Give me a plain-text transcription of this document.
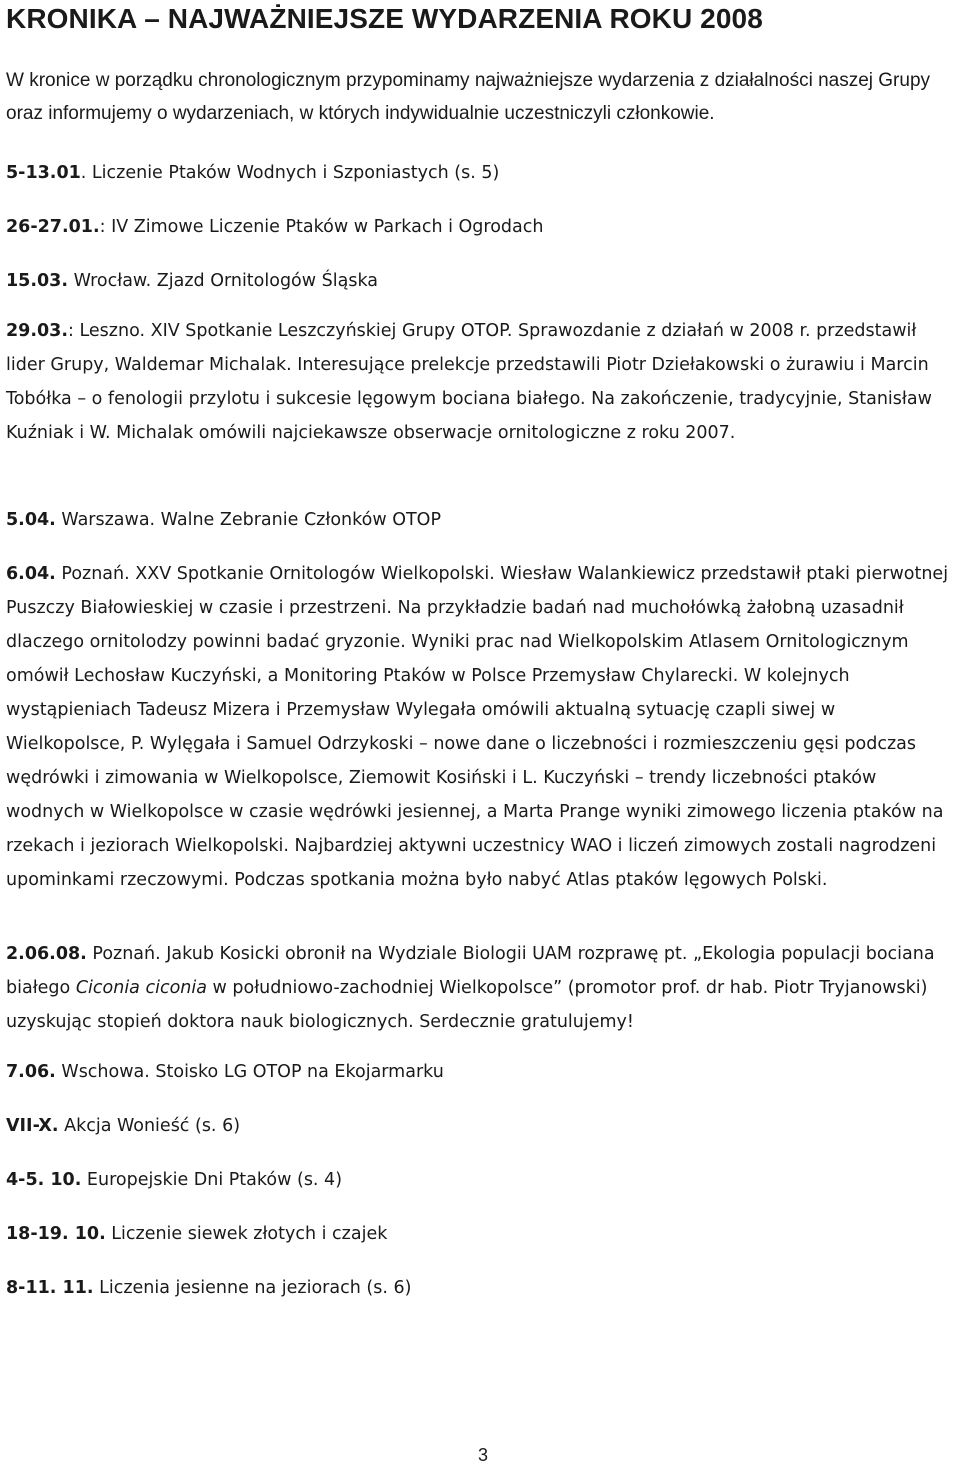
KRONIKA – NAJWAŻNIEJSZE WYDARZENIA ROKU 2008

W kronice w porządku chronologicznym przypominamy najważniejsze wydarzenia z działalności naszej Grupy oraz informujemy o wydarzeniach, w których indywidualnie uczestniczyli członkowie.

5-13.01. Liczenie Ptaków Wodnych i Szponiastych (s. 5)

26-27.01.: IV Zimowe Liczenie Ptaków w Parkach i Ogrodach

15.03. Wrocław. Zjazd Ornitologów Śląska

29.03.: Leszno. XIV Spotkanie Leszczyńskiej Grupy OTOP. Sprawozdanie z działań w 2008 r. przedstawił lider Grupy, Waldemar Michalak. Interesujące prelekcje przedstawili Piotr Dziełakowski o żurawiu i Marcin Tobółka – o fenologii przylotu i sukcesie lęgowym bociana białego. Na zakończenie, tradycyjnie, Stanisław Kuźniak i W. Michalak omówili najciekawsze obserwacje ornitologiczne z roku 2007.

5.04. Warszawa. Walne Zebranie Członków OTOP

6.04. Poznań. XXV Spotkanie Ornitologów Wielkopolski. Wiesław Walankiewicz przedstawił ptaki pierwotnej Puszczy Białowieskiej w czasie i przestrzeni. Na przykładzie badań nad muchołówką żałobną uzasadnił dlaczego ornitolodzy powinni badać gryzonie. Wyniki prac nad Wielkopolskim Atlasem Ornitologicznym omówił Lechosław Kuczyński, a Monitoring Ptaków w Polsce Przemysław Chylarecki. W kolejnych wystąpieniach Tadeusz Mizera i Przemysław Wylegała omówili aktualną sytuację czapli siwej w Wielkopolsce, P. Wylęgała i Samuel Odrzykoski – nowe dane o liczebności i rozmieszczeniu gęsi podczas wędrówki i zimowania w Wielkopolsce, Ziemowit Kosiński i L. Kuczyński – trendy liczebności ptaków wodnych w Wielkopolsce w czasie wędrówki jesiennej, a Marta Prange wyniki zimowego liczenia ptaków na rzekach i jeziorach Wielkopolski. Najbardziej aktywni uczestnicy WAO i liczeń zimowych zostali nagrodzeni upominkami rzeczowymi. Podczas spotkania można było nabyć Atlas ptaków lęgowych Polski.

2.06.08. Poznań. Jakub Kosicki obronił na Wydziale Biologii UAM rozprawę pt. „Ekologia populacji bociana białego Ciconia ciconia w południowo-zachodniej Wielkopolsce” (promotor prof. dr hab. Piotr Tryjanowski) uzyskując stopień doktora nauk biologicznych. Serdecznie gratulujemy!

7.06. Wschowa. Stoisko LG OTOP na Ekojarmarku

VII-X. Akcja Wonieść (s. 6)

4-5. 10. Europejskie Dni Ptaków (s. 4)

18-19. 10. Liczenie siewek złotych i czajek

8-11. 11. Liczenia jesienne na jeziorach (s. 6)

3
